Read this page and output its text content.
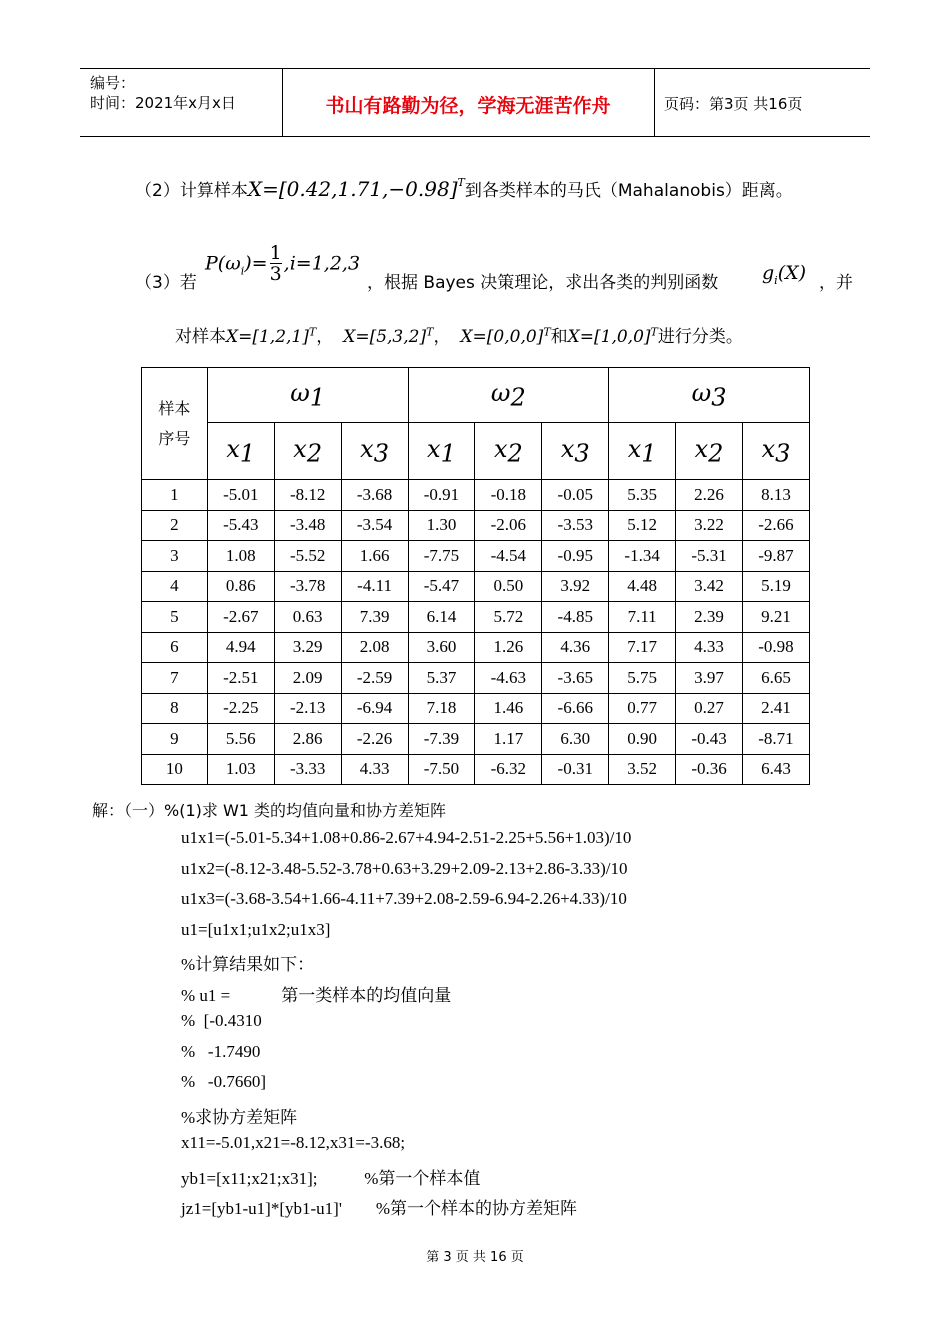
编号：
时间：2021年x月x日	书山有路勤为径，学海无涯苦作舟	页码：第3页 共16页
（2）计算样本$X=[0.42,1.71,-0.98]^T$到各类样本的马氏（Mahalanobis）距离。
（3）若
$P(\omega_i)= \frac{1}{3} ,i=1,2,3$
，根据 Bayes 决策理论，求出各类的判别函数 $g_i(X)$ ，并
对样本$X=[1,2,1]^T$， $X=[5,3,2]^T$， $X=[0,0,0]^T$和$X=[1,0,0]^T$进行分类。
样本
序号	$\omega_1$			$\omega_2$			$\omega_3$
	$x_1$	$x_2$	$x_3$	$x_1$	$x_2$	$x_3$	$x_1$	$x_2$	$x_3$
1	-5.01	-8.12	-3.68	-0.91	-0.18	-0.05	5.35	2.26	8.13
2	-5.43	-3.48	-3.54	1.30	-2.06	-3.53	5.12	3.22	-2.66
3	1.08	-5.52	1.66	-7.75	-4.54	-0.95	-1.34	-5.31	-9.87
4	0.86	-3.78	-4.11	-5.47	0.50	3.92	4.48	3.42	5.19
5	-2.67	0.63	7.39	6.14	5.72	-4.85	7.11	2.39	9.21
6	4.94	3.29	2.08	3.60	1.26	4.36	7.17	4.33	-0.98
7	-2.51	2.09	-2.59	5.37	-4.63	-3.65	5.75	3.97	6.65
8	-2.25	-2.13	-6.94	7.18	1.46	-6.66	0.77	0.27	2.41
9	5.56	2.86	-2.26	-7.39	1.17	6.30	0.90	-0.43	-8.71
10	1.03	-3.33	4.33	-7.50	-6.32	-0.31	3.52	-0.36	6.43
解：（一）%(1)求 W1 类的均值向量和协方差矩阵
u1x1=(-5.01-5.34+1.08+0.86-2.67+4.94-2.51-2.25+5.56+1.03)/10
u1x2=(-8.12-3.48-5.52-3.78+0.63+3.29+2.09-2.13+2.86-3.33)/10
u1x3=(-3.68-3.54+1.66-4.11+7.39+2.08-2.59-6.94-2.26+4.33)/10
u1=[u1x1;u1x2;u1x3]
%计算结果如下：
% u1 =            第一类样本的均值向量
%  [-0.4310
%   -1.7490
%   -0.7660]
%求协方差矩阵
x11=-5.01,x21=-8.12,x31=-3.68;
yb1=[x11;x21;x31];           %第一个样本值
jz1=[yb1-u1]*[yb1-u1]'        %第一个样本的协方差矩阵
第 3 页 共 16 页
